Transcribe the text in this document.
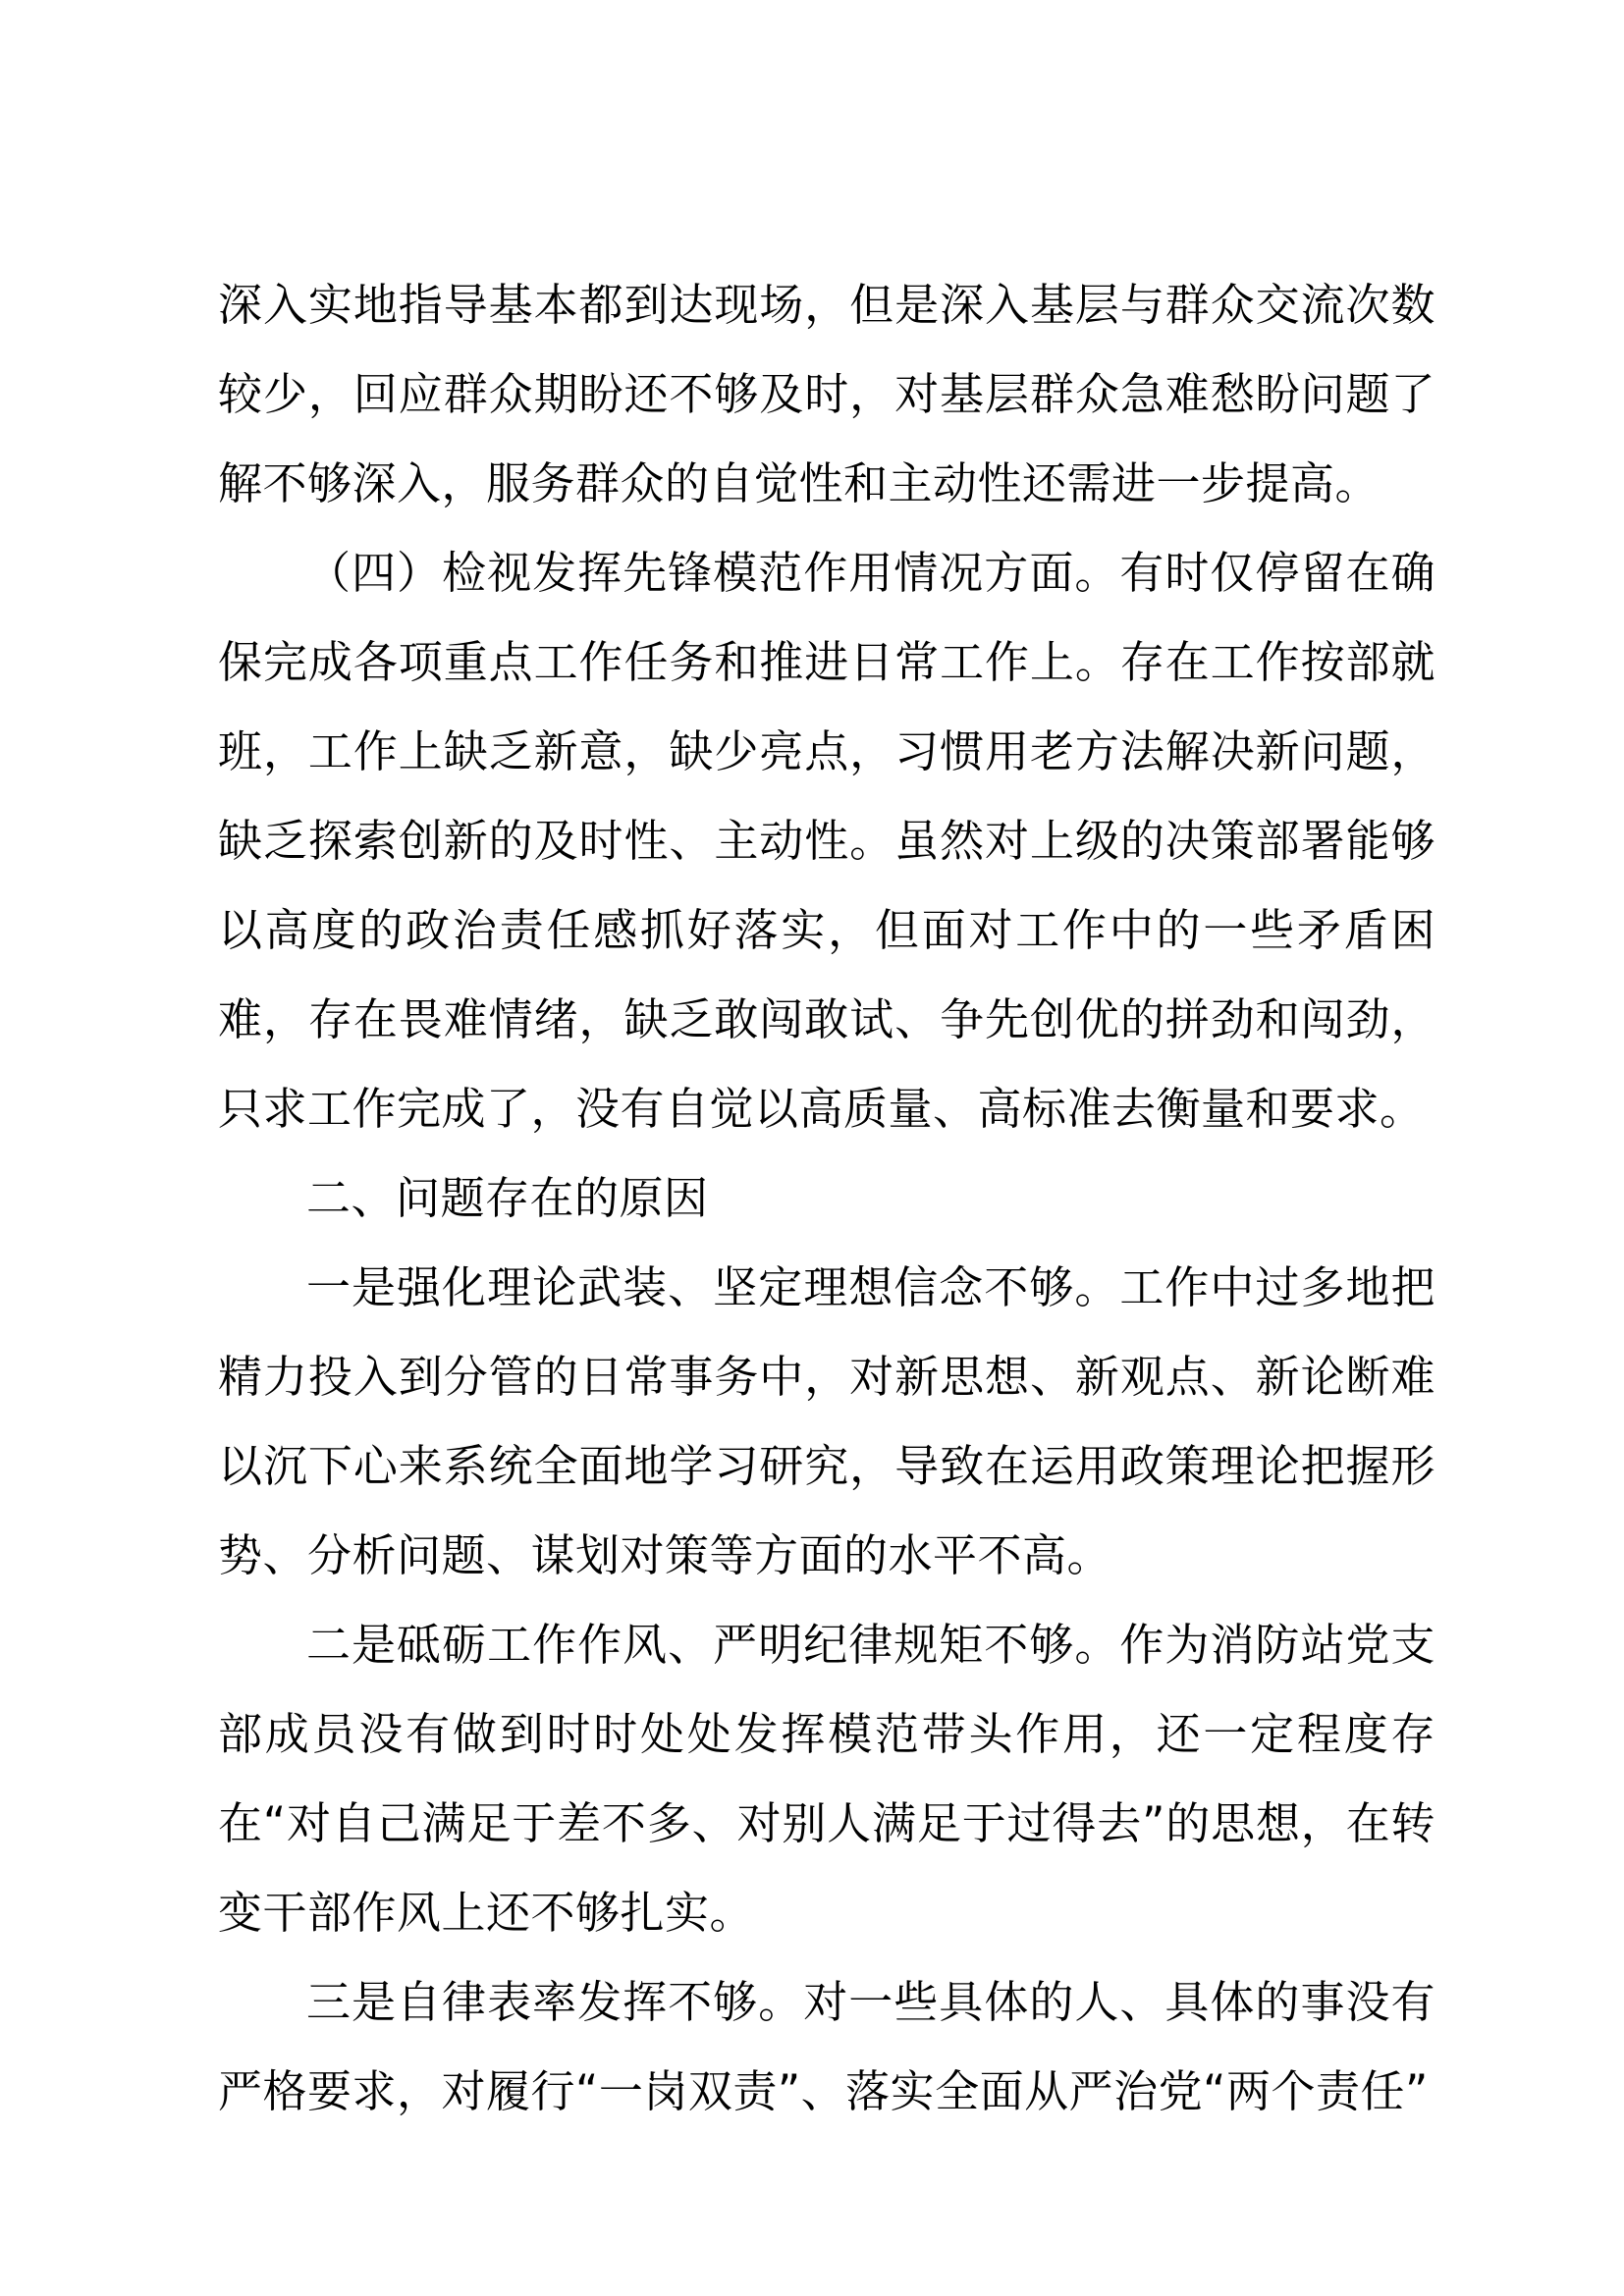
深入实地指导基本都到达现场，但是深入基层与群众交流次数较少，回应群众期盼还不够及时，对基层群众急难愁盼问题了解不够深入，服务群众的自觉性和主动性还需进一步提高。

（四）检视发挥先锋模范作用情况方面。有时仅停留在确保完成各项重点工作任务和推进日常工作上。存在工作按部就班，工作上缺乏新意，缺少亮点，习惯用老方法解决新问题，缺乏探索创新的及时性、主动性。虽然对上级的决策部署能够以高度的政治责任感抓好落实，但面对工作中的一些矛盾困难，存在畏难情绪，缺乏敢闯敢试、争先创优的拼劲和闯劲，只求工作完成了，没有自觉以高质量、高标准去衡量和要求。

二、问题存在的原因

一是强化理论武装、坚定理想信念不够。工作中过多地把精力投入到分管的日常事务中，对新思想、新观点、新论断难以沉下心来系统全面地学习研究，导致在运用政策理论把握形势、分析问题、谋划对策等方面的水平不高。

二是砥砺工作作风、严明纪律规矩不够。作为消防站党支部成员没有做到时时处处发挥模范带头作用，还一定程度存在“对自己满足于差不多、对别人满足于过得去”的思想，在转变干部作风上还不够扎实。

三是自律表率发挥不够。对一些具体的人、具体的事没有严格要求，对履行“一岗双责”、落实全面从严治党“两个责任”
